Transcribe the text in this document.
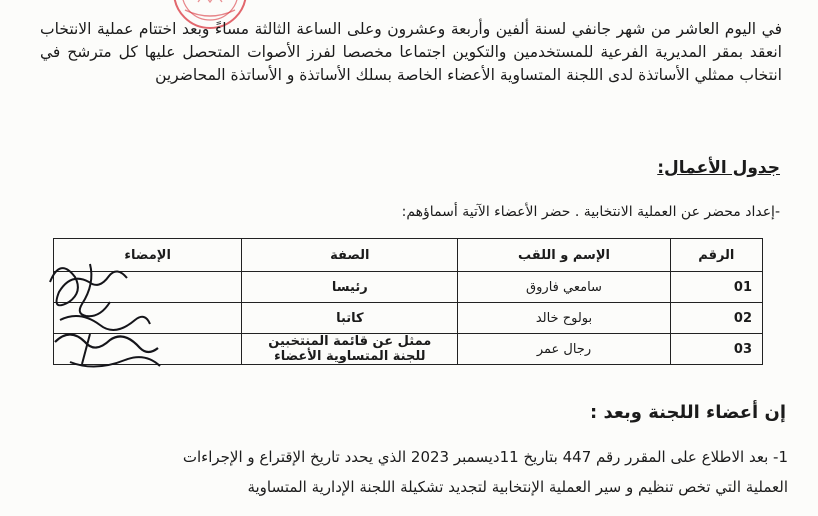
في اليوم العاشر من شهر جانفي لسنة ألفين وأربعة وعشرون وعلى الساعة الثالثة مساءً وبعد اختتام عملية الانتخاب انعقد بمقر المديرية الفرعية للمستخدمين والتكوين اجتماعا مخصصا لفرز الأصوات المتحصل عليها كل مترشح في انتخاب ممثلي الأساتذة لدى اللجنة المتساوية الأعضاء الخاصة بسلك الأساتذة و الأساتذة المحاضرين
جدول الأعمال:
-إعداد محضر عن العملية الانتخابية . حضر الأعضاء الآتية أسماؤهم:
الرقم	الإسم و اللقب	الصفة	الإمضاء
01	سامعي فاروق	رئيسا	
02	بولوح خالد	كاتبا	
03	رجال عمر	ممثل عن قائمة المنتخبين للجنة المتساوية الأعضاء	
إن أعضاء اللجنة وبعد :
1- بعد الاطلاع على المقرر رقم 447 بتاريخ 11ديسمبر 2023 الذي يحدد تاريخ الإقتراع و الإجراءات
العملية التي تخص تنظيم و سير العملية الإنتخابية لتجديد تشكيلة اللجنة الإدارية المتساوية
